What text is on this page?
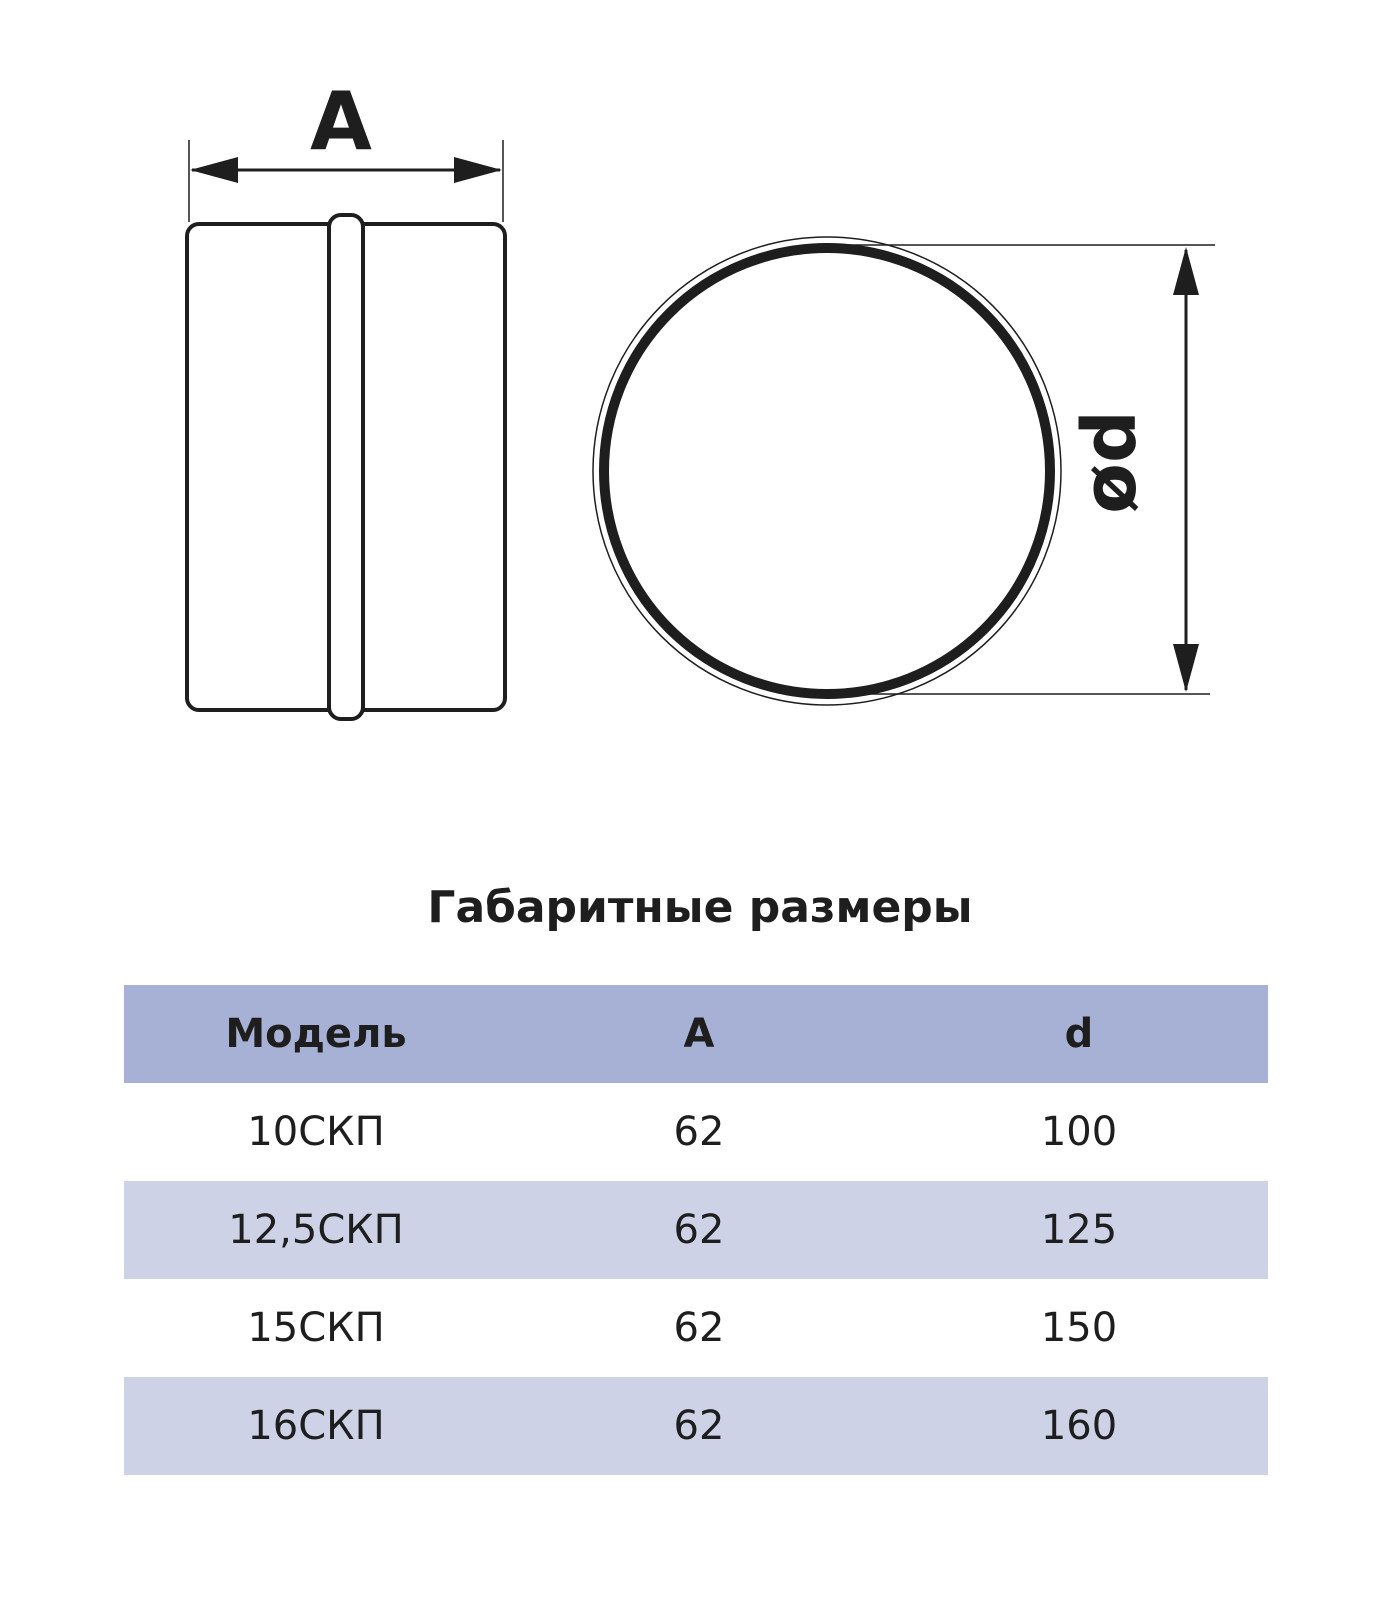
A
ød
Габаритные размеры
Модель	A	d
10СКП	62	100
12,5СКП	62	125
15СКП	62	150
16СКП	62	160
